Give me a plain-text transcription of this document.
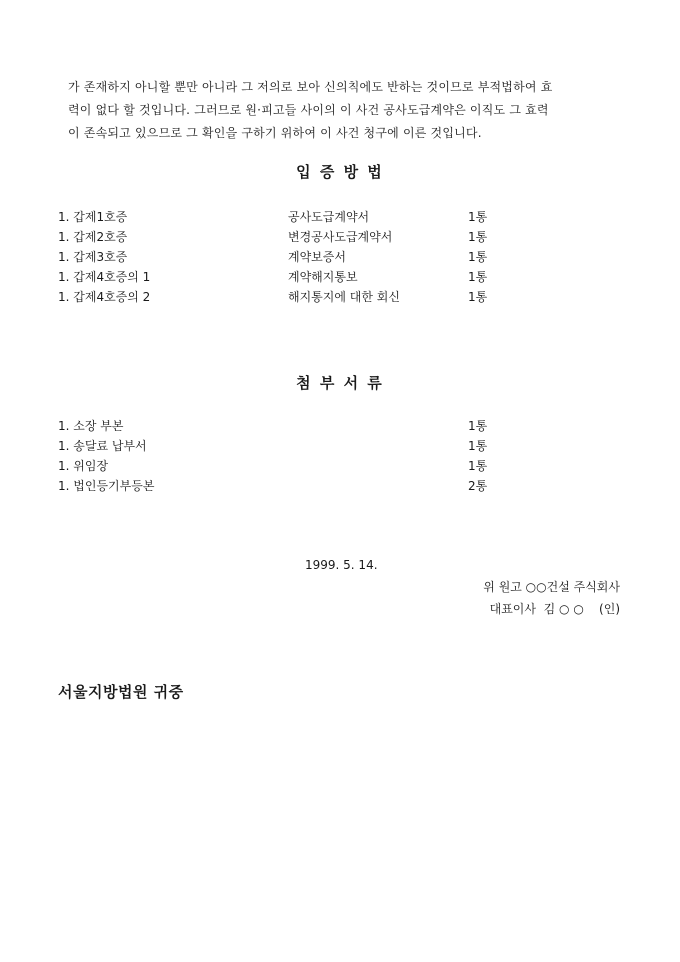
가 존재하지 아니할 뿐만 아니라 그 저의로 보아 신의칙에도 반하는 것이므로 부적법하여 효
력이 없다 할 것입니다. 그러므로 원·피고들 사이의 이 사건 공사도급계약은 이직도 그 효력
이 존속되고 있으므로 그 확인을 구하기 위하여 이 사건 청구에 이른 것입니다.
입 증 방 법
1. 갑제1호증	공사도급계약서	1통
1. 갑제2호증	변경공사도급계약서	1통
1. 갑제3호증	계약보증서	1통
1. 갑제4호증의 1	계약해지통보	1통
1. 갑제4호증의 2	해지통지에 대한 회신	1통
첨 부 서 류
1. 소장 부본	1통
1. 송달료 납부서	1통
1. 위임장	1통
1. 법인등기부등본	2통
1999. 5. 14.
위 원고 ○○건설 주식회사
대표이사  김 ○ ○    (인)
서울지방법원 귀중
